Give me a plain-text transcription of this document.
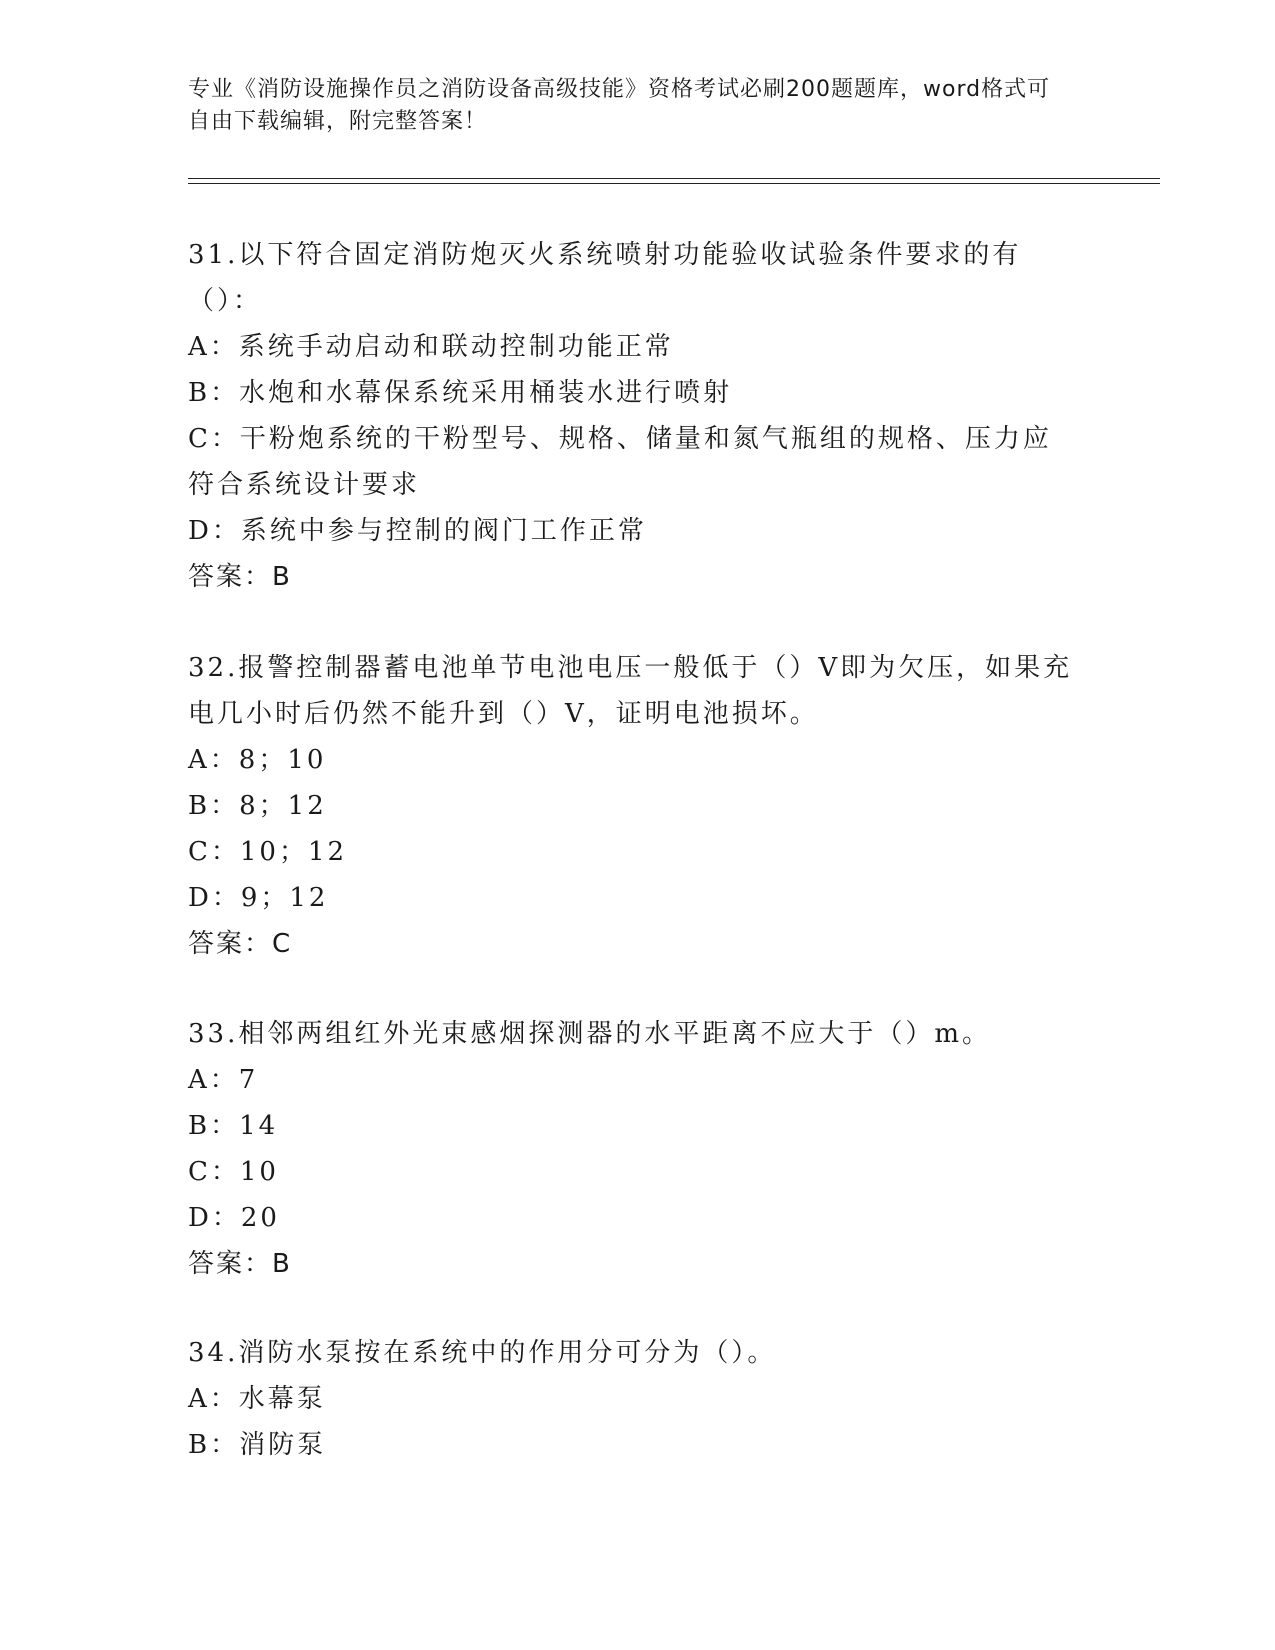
专业《消防设施操作员之消防设备高级技能》资格考试必刷200题题库，word格式可自由下载编辑，附完整答案！
31.以下符合固定消防炮灭火系统喷射功能验收试验条件要求的有（）：
A：系统手动启动和联动控制功能正常
B：水炮和水幕保系统采用桶装水进行喷射
C：干粉炮系统的干粉型号、规格、储量和氮气瓶组的规格、压力应符合系统设计要求
D：系统中参与控制的阀门工作正常
答案：B
32.报警控制器蓄电池单节电池电压一般低于（）V即为欠压，如果充电几小时后仍然不能升到（）V，证明电池损坏。
A：8；10
B：8；12
C：10；12
D：9；12
答案：C
33.相邻两组红外光束感烟探测器的水平距离不应大于（）m。
A：7
B：14
C：10
D：20
答案：B
34.消防水泵按在系统中的作用分可分为（）。
A：水幕泵
B：消防泵
